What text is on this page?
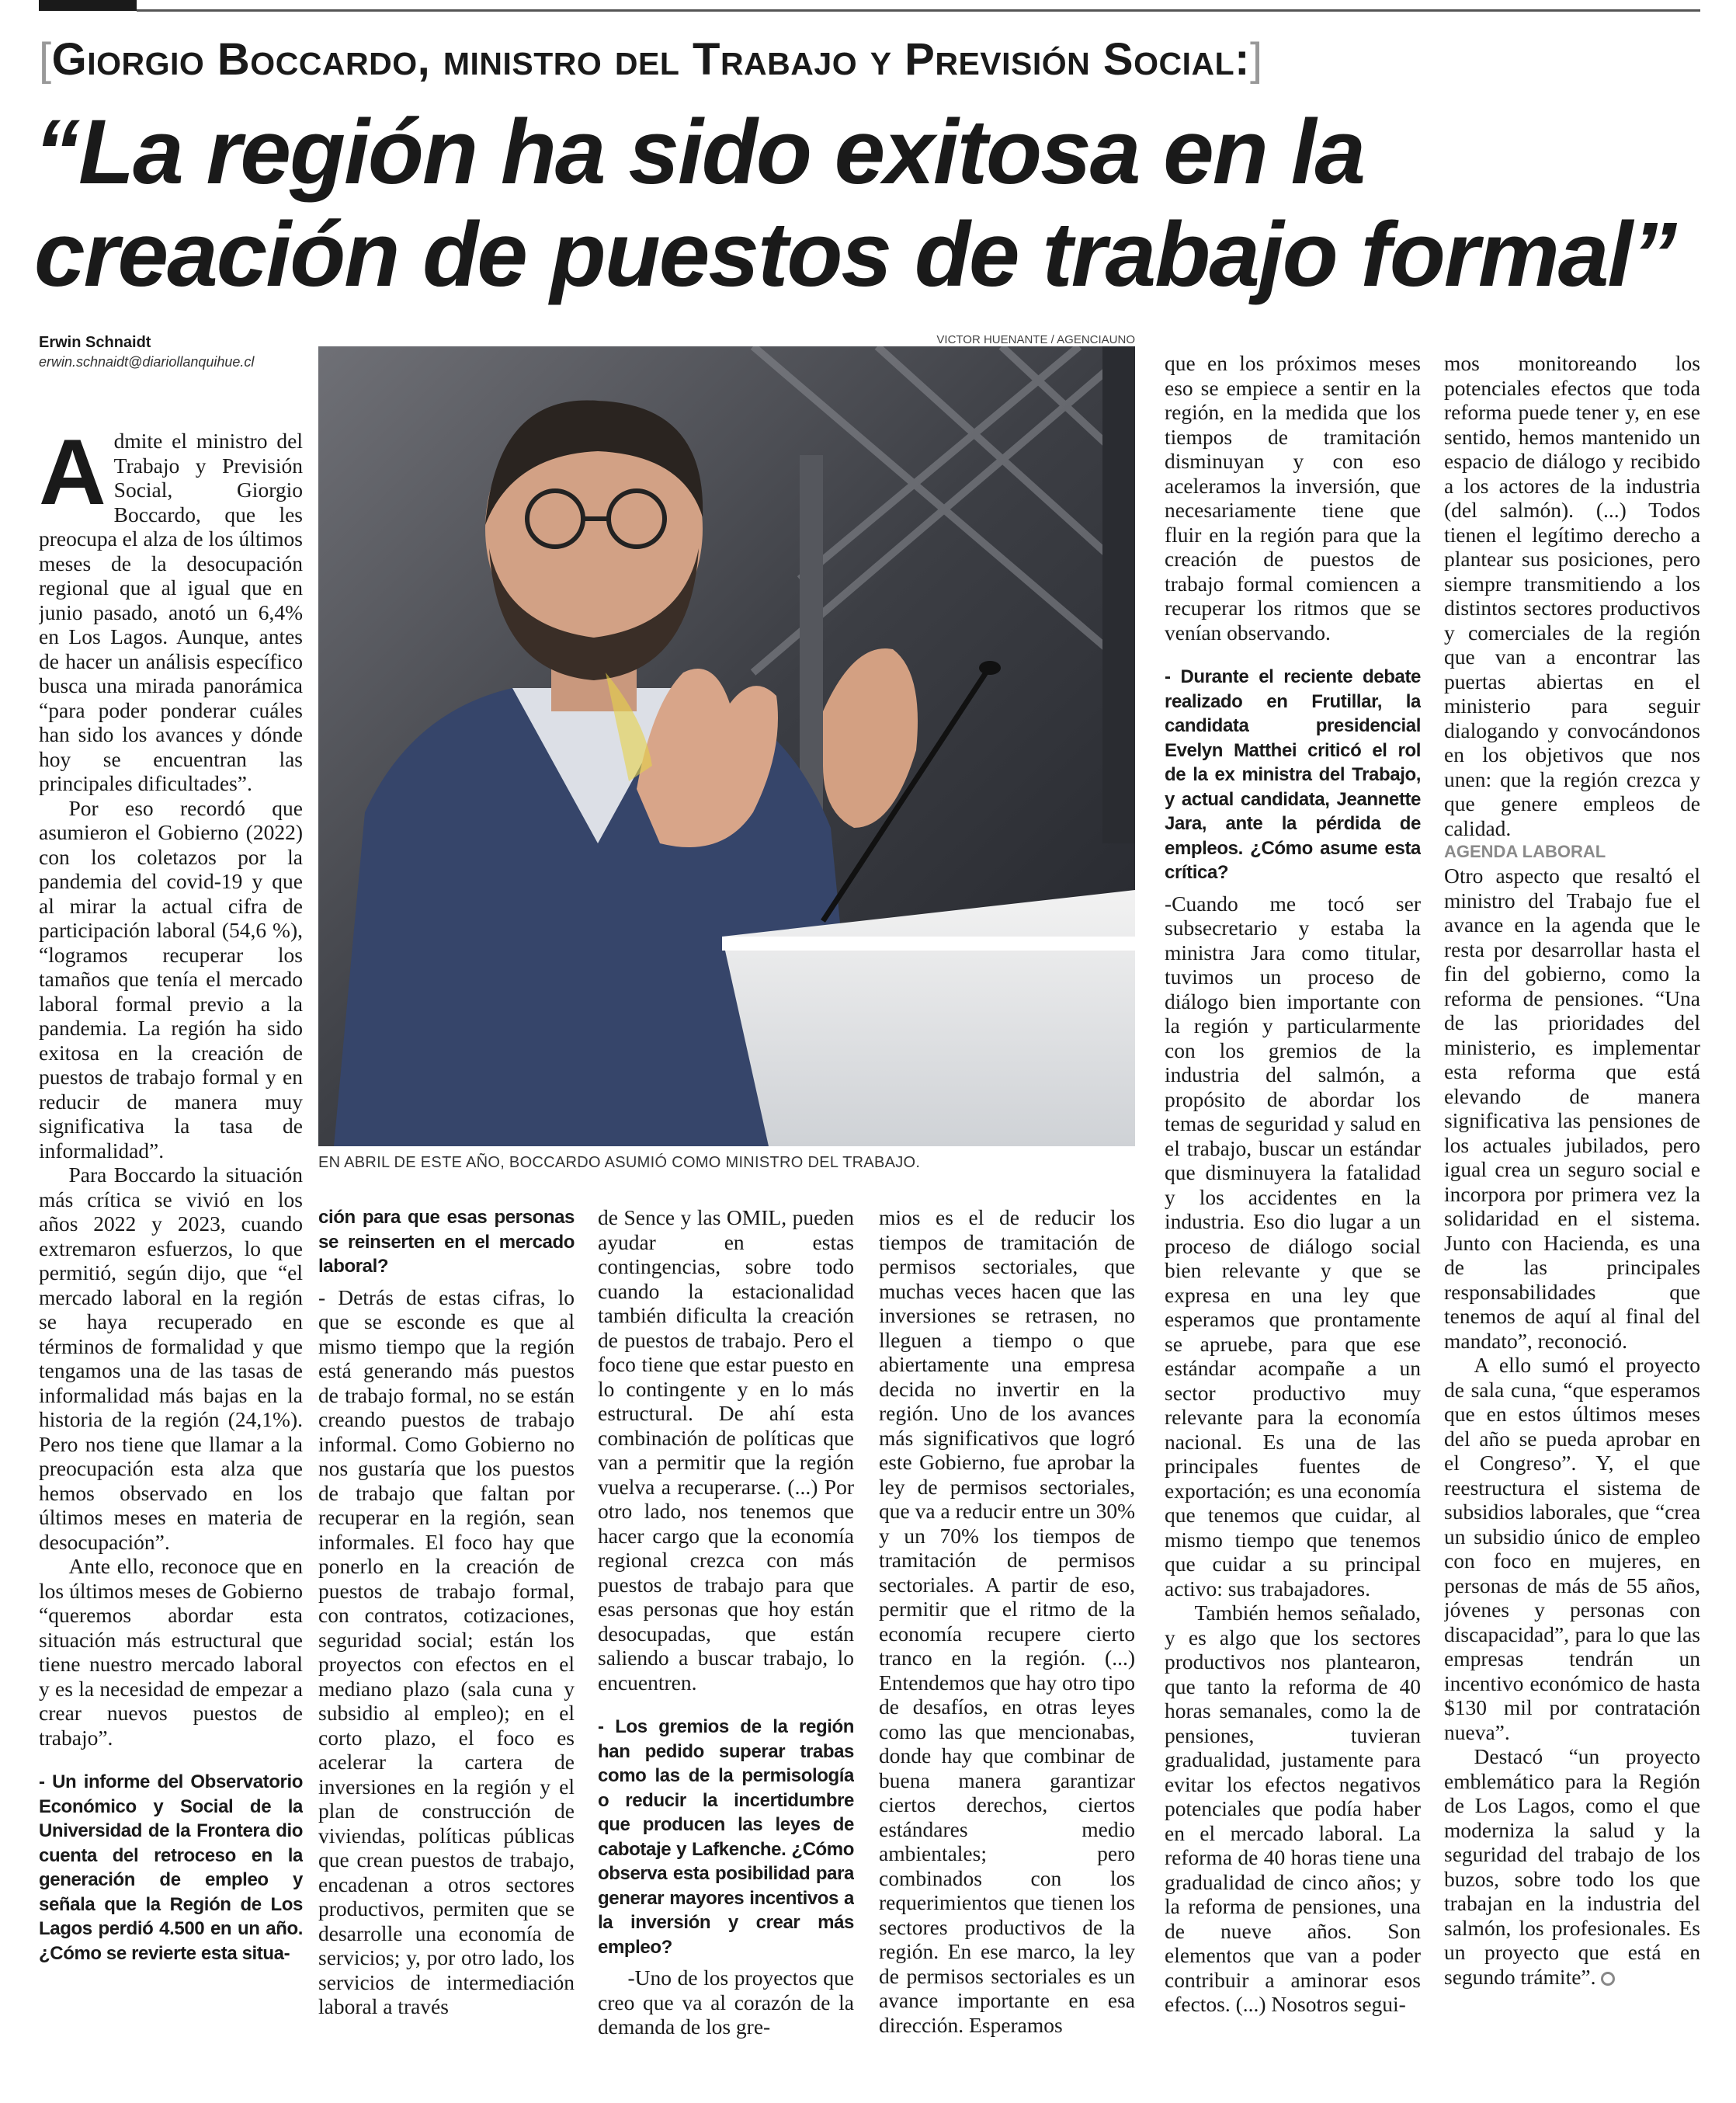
[Giorgio Boccardo, ministro del Trabajo y Previsión Social:]
“La región ha sido exitosa en la creación de puestos de trabajo formal”
Erwin Schnaidt
erwin.schnaidt@diariollanquihue.cl
VICTOR HUENANTE / AGENCIAUNO
EN ABRIL DE ESTE AÑO, BOCCARDO ASUMIÓ COMO MINISTRO DEL TRABAJO.

Admite el ministro del Trabajo y Previsión Social, Giorgio Boccardo, que les preocupa el alza de los últimos meses de la desocupación regional que al igual que en junio pasado, anotó un 6,4% en Los Lagos. Aunque, antes de hacer un análisis específico busca una mirada panorámica “para poder ponderar cuáles han sido los avances y dónde hoy se encuentran las principales dificultades”.

Por eso recordó que asumieron el Gobierno (2022) con los coletazos por la pandemia del covid-19 y que al mirar la actual cifra de participación laboral (54,6 %), “logramos recuperar los tamaños que tenía el mercado laboral formal previo a la pandemia. La región ha sido exitosa en la creación de puestos de trabajo formal y en reducir de manera muy significativa la tasa de informalidad”.

Para Boccardo la situación más crítica se vivió en los años 2022 y 2023, cuando extremaron esfuerzos, lo que permitió, según dijo, que “el mercado laboral en la región se haya recuperado en términos de formalidad y que tengamos una de las tasas de informalidad más bajas en la historia de la región (24,1%). Pero nos tiene que llamar a la preocupación esta alza que hemos observado en los últimos meses en materia de desocupación”.

Ante ello, reconoce que en los últimos meses de Gobierno “queremos abordar esta situación más estructural que tiene nuestro mercado laboral y es la necesidad de empezar a crear nuevos puestos de trabajo”.

- Un informe del Observatorio Económico y Social de la Universidad de la Frontera dio cuenta del retroceso en la generación de empleo y señala que la Región de Los Lagos perdió 4.500 en un año. ¿Cómo se revierte esta situa-

ción para que esas personas se reinserten en el mercado laboral?

- Detrás de estas cifras, lo que se esconde es que al mismo tiempo que la región está generando más puestos de trabajo formal, no se están creando puestos de trabajo informal. Como Gobierno no nos gustaría que los puestos de trabajo que faltan por recuperar en la región, sean informales. El foco hay que ponerlo en la creación de puestos de trabajo formal, con contratos, cotizaciones, seguridad social; están los proyectos con efectos en el mediano plazo (sala cuna y subsidio al empleo); en el corto plazo, el foco es acelerar la cartera de inversiones en la región y el plan de construcción de viviendas, políticas públicas que crean puestos de trabajo, encadenan a otros sectores productivos, permiten que se desarrolle una economía de servicios; y, por otro lado, los servicios de intermediación laboral a través

de Sence y las OMIL, pueden ayudar en estas contingencias, sobre todo cuando la estacionalidad también dificulta la creación de puestos de trabajo. Pero el foco tiene que estar puesto en lo contingente y en lo más estructural. De ahí esta combinación de políticas que van a permitir que la región vuelva a recuperarse. (...) Por otro lado, nos tenemos que hacer cargo que la economía regional crezca con más puestos de trabajo para que esas personas que hoy están desocupadas, que están saliendo a buscar trabajo, lo encuentren.

- Los gremios de la región han pedido superar trabas como las de la permisología o reducir la incertidumbre que producen las leyes de cabotaje y Lafkenche. ¿Cómo observa esta posibilidad para generar mayores incentivos a la inversión y crear más empleo?

-Uno de los proyectos que creo que va al corazón de la demanda de los gre-

mios es el de reducir los tiempos de tramitación de permisos sectoriales, que muchas veces hacen que las inversiones se retrasen, no lleguen a tiempo o que abiertamente una empresa decida no invertir en la región. Uno de los avances más significativos que logró este Gobierno, fue aprobar la ley de permisos sectoriales, que va a reducir entre un 30% y un 70% los tiempos de tramitación de permisos sectoriales. A partir de eso, permitir que el ritmo de la economía recupere cierto tranco en la región. (...) Entendemos que hay otro tipo de desafíos, en otras leyes como las que mencionabas, donde hay que combinar de buena manera garantizar ciertos derechos, ciertos estándares medio ambientales; pero combinados con los requerimientos que tienen los sectores productivos de la región. En ese marco, la ley de permisos sectoriales es un avance importante en esa dirección. Esperamos

que en los próximos meses eso se empiece a sentir en la región, en la medida que los tiempos de tramitación disminuyan y con eso aceleramos la inversión, que necesariamente tiene que fluir en la región para que la creación de puestos de trabajo formal comiencen a recuperar los ritmos que se venían observando.

- Durante el reciente debate realizado en Frutillar, la candidata presidencial Evelyn Matthei criticó el rol de la ex ministra del Trabajo, y actual candidata, Jeannette Jara, ante la pérdida de empleos. ¿Cómo asume esta crítica?

-Cuando me tocó ser subsecretario y estaba la ministra Jara como titular, tuvimos un proceso de diálogo bien importante con la región y particularmente con los gremios de la industria del salmón, a propósito de abordar los temas de seguridad y salud en el trabajo, buscar un estándar que disminuyera la fatalidad y los accidentes en la industria. Eso dio lugar a un proceso de diálogo social bien relevante y que se expresa en una ley que esperamos que prontamente se apruebe, para que ese estándar acompañe a un sector productivo muy relevante para la economía nacional. Es una de las principales fuentes de exportación; es una economía que tenemos que cuidar, al mismo tiempo que tenemos que cuidar a su principal activo: sus trabajadores.

También hemos señalado, y es algo que los sectores productivos nos plantearon, que tanto la reforma de 40 horas semanales, como la de pensiones, tuvieran gradualidad, justamente para evitar los efectos negativos potenciales que podía haber en el mercado laboral. La reforma de 40 horas tiene una gradualidad de cinco años; y la reforma de pensiones, una de nueve años. Son elementos que van a poder contribuir a aminorar esos efectos. (...) Nosotros segui-

mos monitoreando los potenciales efectos que toda reforma puede tener y, en ese sentido, hemos mantenido un espacio de diálogo y recibido a los actores de la industria (del salmón). (...) Todos tienen el legítimo derecho a plantear sus posiciones, pero siempre transmitiendo a los distintos sectores productivos y comerciales de la región que van a encontrar las puertas abiertas en el ministerio para seguir dialogando y convocándonos en los objetivos que nos unen: que la región crezca y que genere empleos de calidad.

AGENDA LABORAL

Otro aspecto que resaltó el ministro del Trabajo fue el avance en la agenda que le resta por desarrollar hasta el fin del gobierno, como la reforma de pensiones. “Una de las prioridades del ministerio, es implementar esta reforma que está elevando de manera significativa las pensiones de los actuales jubilados, pero igual crea un seguro social e incorpora por primera vez la solidaridad en el sistema. Junto con Hacienda, es una de las principales responsabilidades que tenemos de aquí al final del mandato”, reconoció.

A ello sumó el proyecto de sala cuna, “que esperamos que en estos últimos meses del año se pueda aprobar en el Congreso”. Y, el que reestructura el sistema de subsidios laborales, que “crea un subsidio único de empleo con foco en mujeres, en personas de más de 55 años, jóvenes y personas con discapacidad”, para lo que las empresas tendrán un incentivo económico de hasta $130 mil por contratación nueva”.

Destacó “un proyecto emblemático para la Región de Los Lagos, como el que moderniza la salud y la seguridad del trabajo de los buzos, sobre todo los que trabajan en la industria del salmón, los profesionales. Es un proyecto que está en segundo trámite”.
